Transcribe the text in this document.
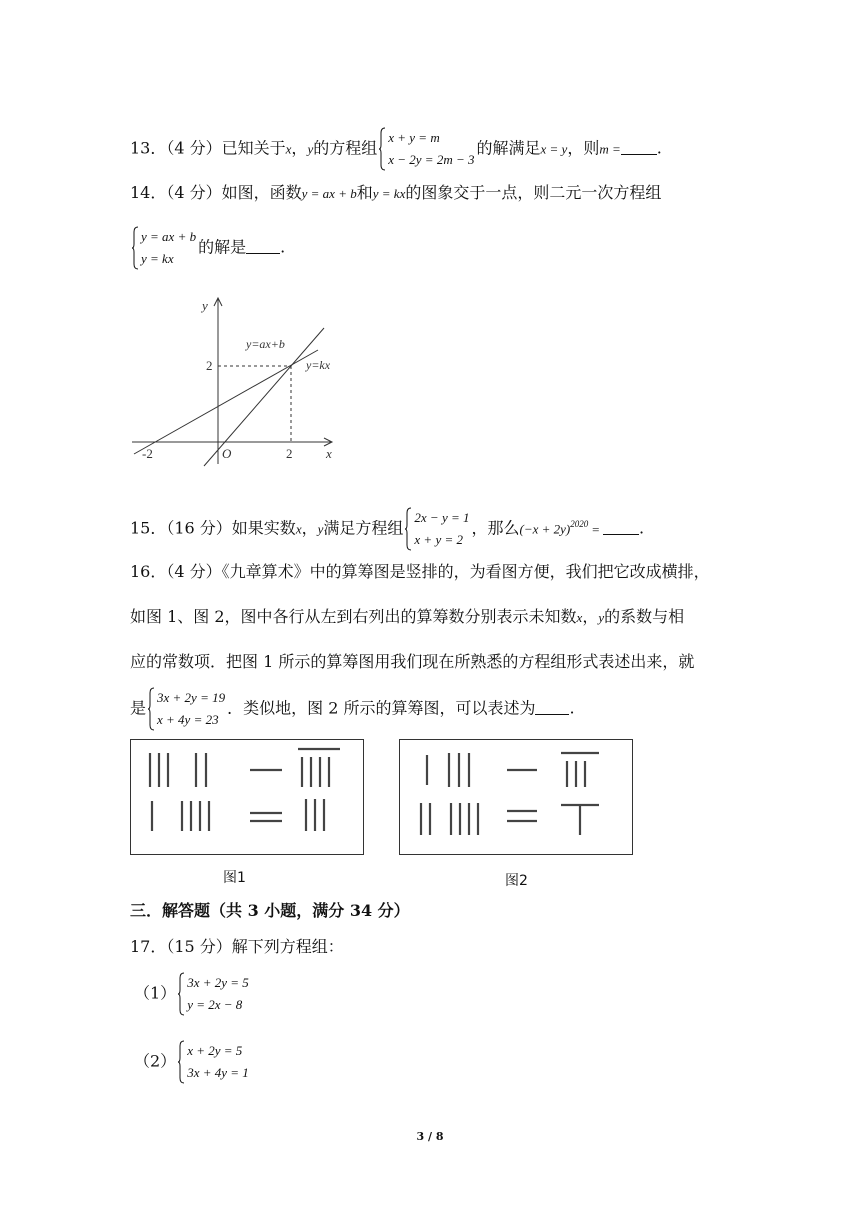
13．（4 分）已知关于x，y的方程组
x + y = m
x − 2y = 2m − 3
的解满足x = y，则m = .
14．（4 分）如图，函数y = ax + b和y = kx的图象交于一点，则二元一次方程组
y = ax + b
y = kx
的解是 .
y
x
O
y=ax+b
y=kx
2
2
-2
15．（16 分）如果实数x，y满足方程组
2x − y = 1
x + y = 2
，那么$(-x + 2y)^{2020}$ = .
16．（4 分）《九章算术》中的算筹图是竖排的，为看图方便，我们把它改成横排，
如图 1、图 2，图中各行从左到右列出的算筹数分别表示未知数x，y的系数与相
应的常数项．把图 1 所示的算筹图用我们现在所熟悉的方程组形式表述出来，就
是
3x + 2y = 19
x + 4y = 23
．类似地，图 2 所示的算筹图，可以表述为 .
图1	图2
三．解答题（共 3 小题，满分 34 分）
17．（15 分）解下列方程组：
（1）
3x + 2y = 5
y = 2x − 8
（2）
x + 2y = 5
3x + 4y = 1
3 / 8
